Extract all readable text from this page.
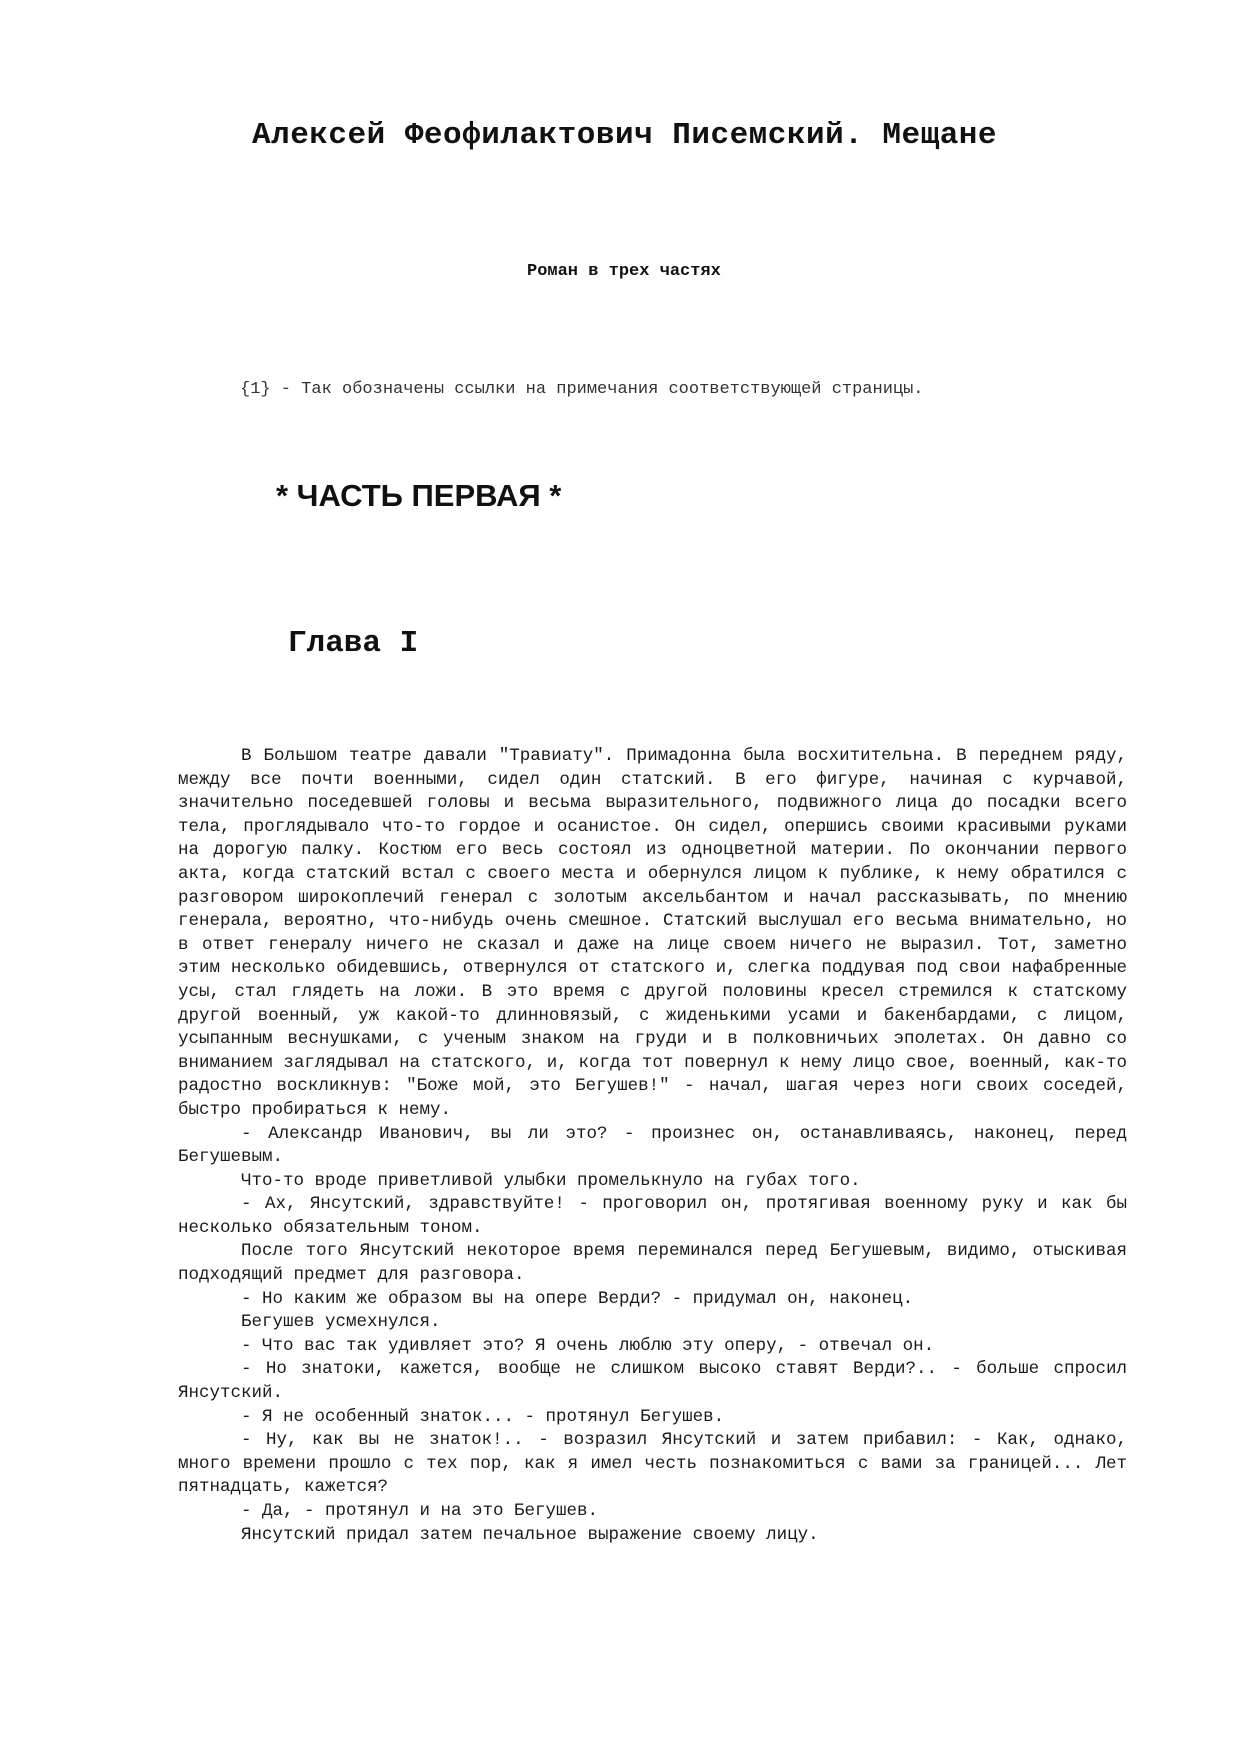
Алексей Феофилактович Писемский. Мещане
Роман в трех частях
{1} - Так обозначены ссылки на примечания соответствующей страницы.
* ЧАСТЬ ПЕРВАЯ *
Глава I

В Большом театре давали "Травиату". Примадонна была восхитительна. В переднем ряду, между все почти военными, сидел один статский. В его фигуре, начиная с курчавой, значительно поседевшей головы и весьма выразительного, подвижного лица до посадки всего тела, проглядывало что-то гордое и осанистое. Он сидел, опершись своими красивыми руками на дорогую палку. Костюм его весь состоял из одноцветной материи. По окончании первого акта, когда статский встал с своего места и обернулся лицом к публике, к нему обратился с разговором широкоплечий генерал с золотым аксельбантом и начал рассказывать, по мнению генерала, вероятно, что-нибудь очень смешное. Статский выслушал его весьма внимательно, но в ответ генералу ничего не сказал и даже на лице своем ничего не выразил. Тот, заметно этим несколько обидевшись, отвернулся от статского и, слегка поддувая под свои нафабренные усы, стал глядеть на ложи. В это время с другой половины кресел стремился к статскому другой военный, уж какой-то длинновязый, с жиденькими усами и бакенбардами, с лицом, усыпанным веснушками, с ученым знаком на груди и в полковничьих эполетах. Он давно со вниманием заглядывал на статского, и, когда тот повернул к нему лицо свое, военный, как-то радостно воскликнув: "Боже мой, это Бегушев!" - начал, шагая через ноги своих соседей, быстро пробираться к нему.

- Александр Иванович, вы ли это? - произнес он, останавливаясь, наконец, перед Бегушевым.

Что-то вроде приветливой улыбки промелькнуло на губах того.

- Ах, Янсутский, здравствуйте! - проговорил он, протягивая военному руку и как бы несколько обязательным тоном.

После того Янсутский некоторое время переминался перед Бегушевым, видимо, отыскивая подходящий предмет для разговора.

- Но каким же образом вы на опере Верди? - придумал он, наконец.

Бегушев усмехнулся.

- Что вас так удивляет это? Я очень люблю эту оперу, - отвечал он.

- Но знатоки, кажется, вообще не слишком высоко ставят Верди?.. - больше спросил Янсутский.

- Я не особенный знаток... - протянул Бегушев.

- Ну, как вы не знаток!.. - возразил Янсутский и затем прибавил: - Как, однако, много времени прошло с тех пор, как я имел честь познакомиться с вами за границей... Лет пятнадцать, кажется?

- Да, - протянул и на это Бегушев.

Янсутский придал затем печальное выражение своему лицу.
